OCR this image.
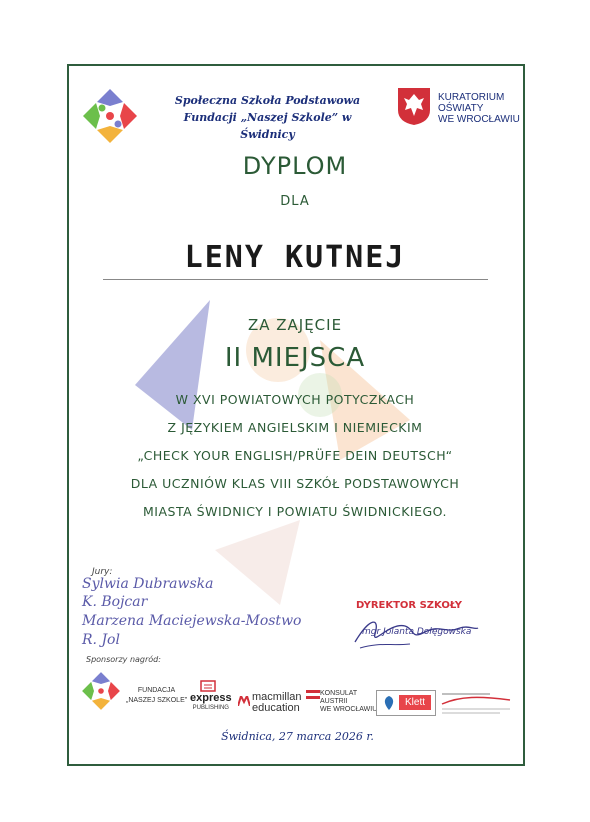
Społeczna Szkoła Podstawowa
Fundacji „Naszej Szkole” w Świdnicy
KURATORIUM
OŚWIATY
WE WROCŁAWIU
DYPLOM
DLA
LENY KUTNEJ
ZA ZAJĘCIE
II MIEJSCA
W XVI POWIATOWYCH POTYCZKACH
Z JĘZYKIEM ANGIELSKIM I NIEMIECKIM
„CHECK YOUR ENGLISH/PRÜFE DEIN DEUTSCH“
DLA UCZNIÓW KLAS VIII SZKÓŁ PODSTAWOWYCH
MIASTA ŚWIDNICY I POWIATU ŚWIDNICKIEGO.
Jury:
Sylwia Dubrawska
K. Bojcar
Marzena Maciejewska-Mostwo
R. Jol
DYREKTOR SZKOŁY
mgr Jolanta Dołęgowska
Sponsorzy nagród:
FUNDACJA
„NASZEJ SZKOLE” express
PUBLISHING
macmillan
education
KONSULAT
AUSTRII
WE WROCŁAWIU
Klett
Świdnica, 27 marca 2026 r.
